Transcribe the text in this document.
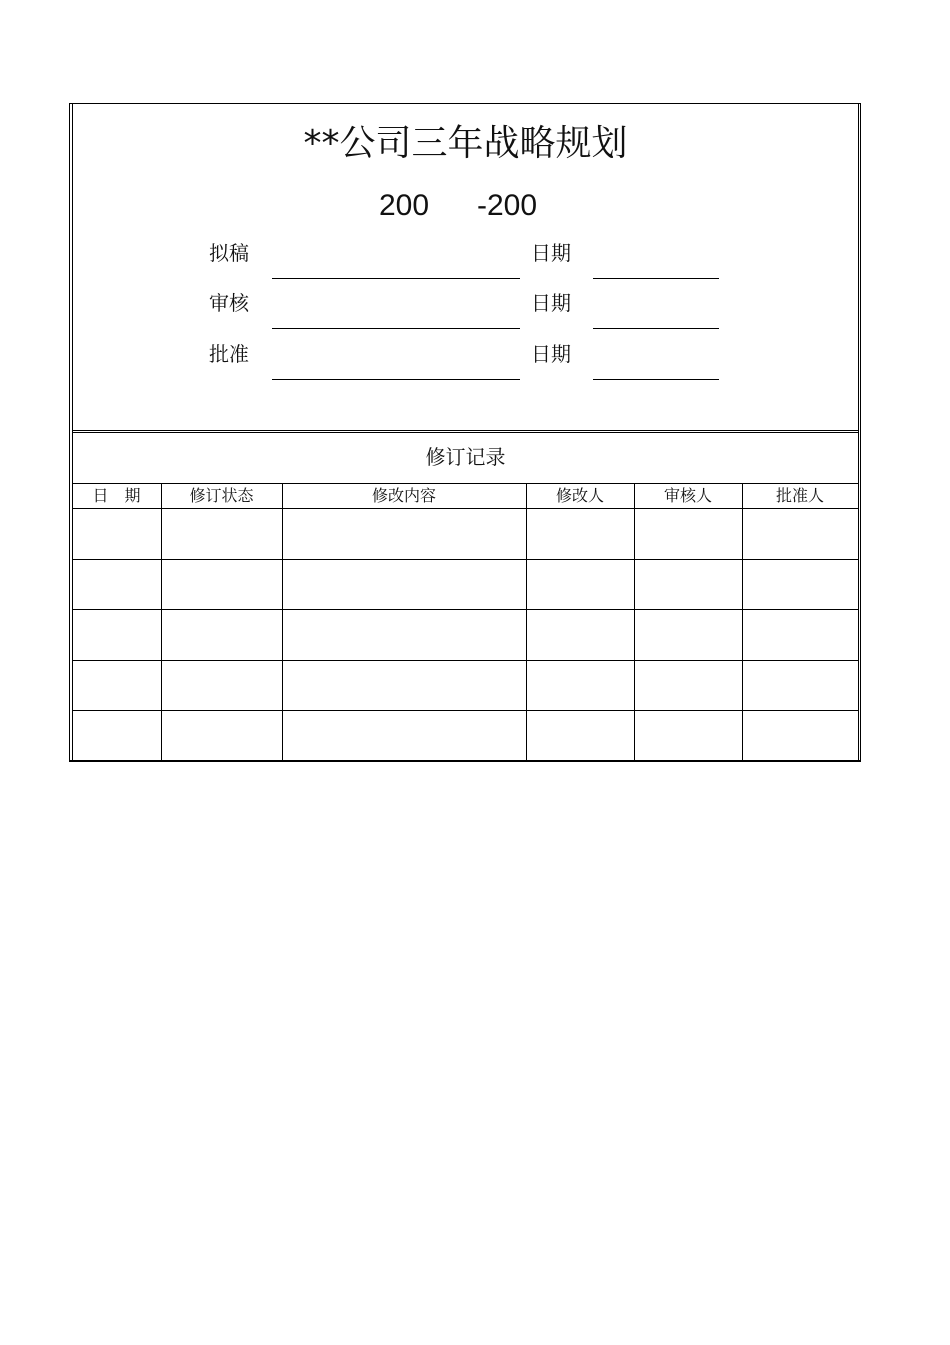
**公司三年战略规划
200 -200
拟稿	日期
审核	日期
批准	日期
修订记录
日　期	修订状态	修改内容	修改人	审核人	批准人
